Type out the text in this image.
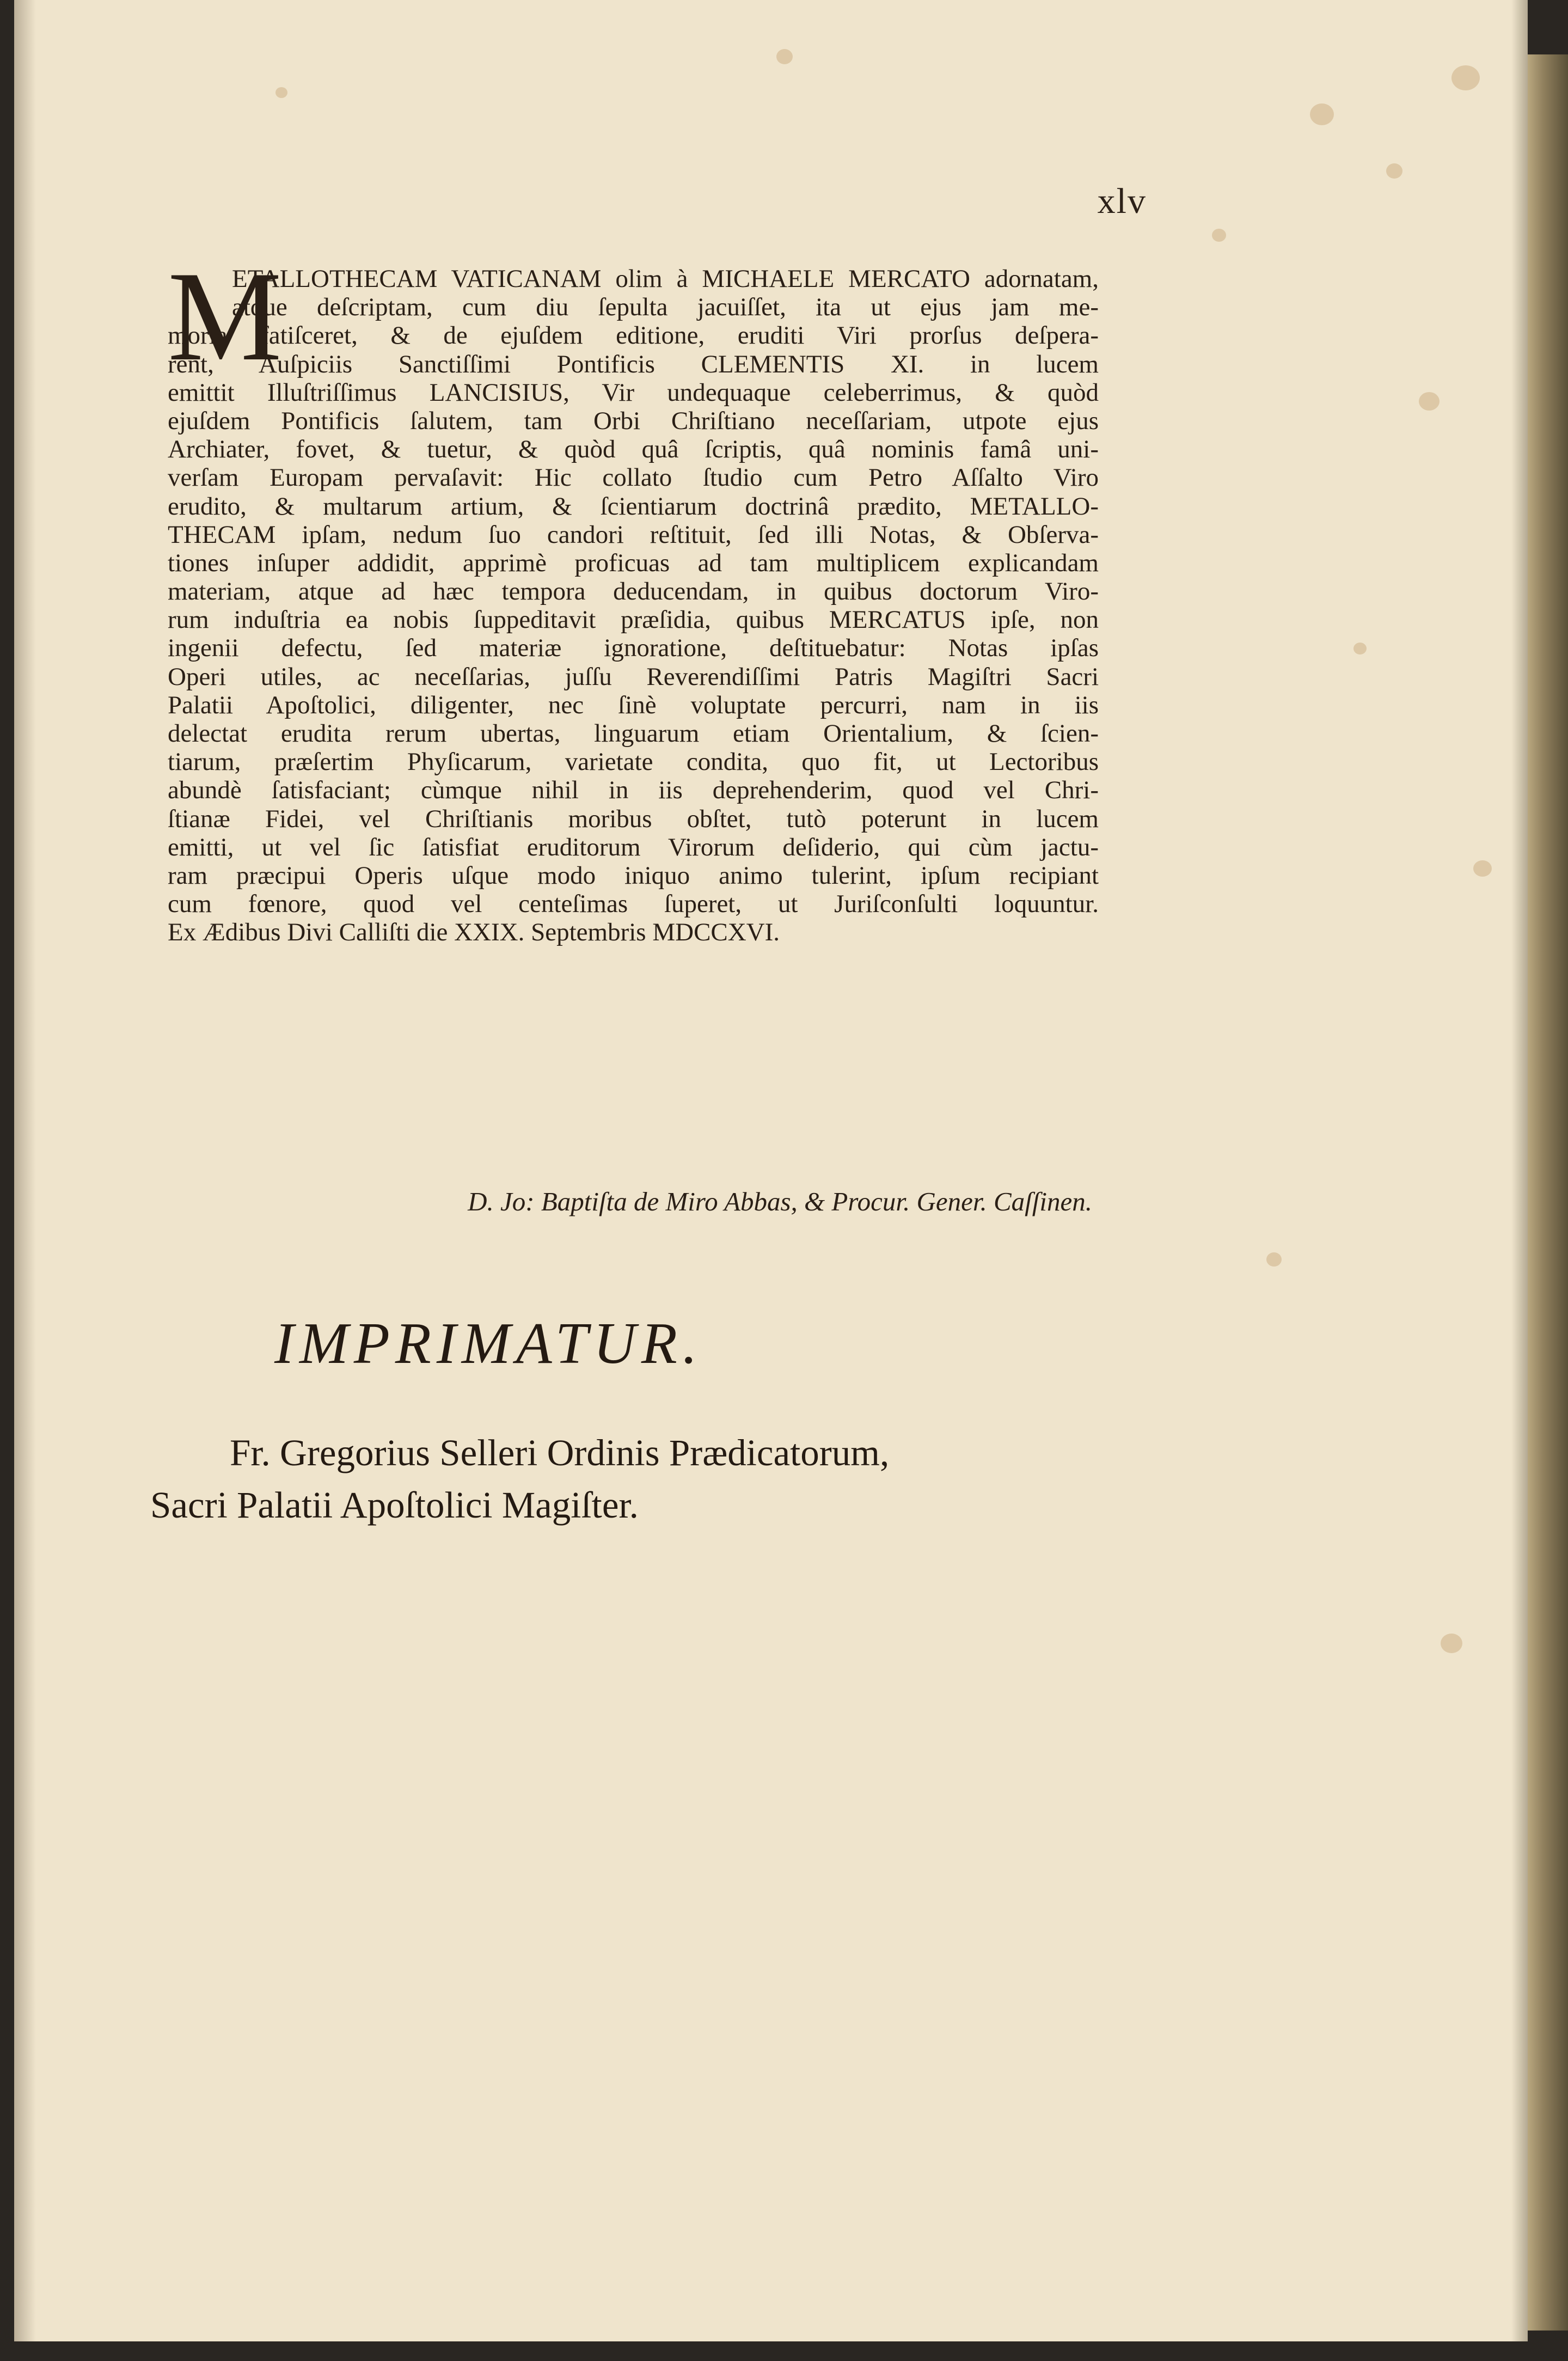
xlv
M
ETALLOTHECAM VATICANAM olim à MICHAELE MERCATO adornatam,
atque deſcriptam, cum diu ſepulta jacuiſſet, ita ut ejus jam me-
moria fatiſceret, & de ejuſdem editione, eruditi Viri prorſus deſpera-
rent, Auſpiciis Sanctiſſimi Pontificis CLEMENTIS XI. in lucem
emittit Illuſtriſſimus LANCISIUS, Vir undequaque celeberrimus, & quòd
ejuſdem Pontificis ſalutem, tam Orbi Chriſtiano neceſſariam, utpote ejus
Archiater, fovet, & tuetur, & quòd quâ ſcriptis, quâ nominis famâ uni-
verſam Europam pervaſavit: Hic collato ſtudio cum Petro Aſſalto Viro
erudito, & multarum artium, & ſcientiarum doctrinâ prædito, METALLO-
THECAM ipſam, nedum ſuo candori reſtituit, ſed illi Notas, & Obſerva-
tiones inſuper addidit, apprimè proficuas ad tam multiplicem explicandam
materiam, atque ad hæc tempora deducendam, in quibus doctorum Viro-
rum induſtria ea nobis ſuppeditavit præſidia, quibus MERCATUS ipſe, non
ingenii defectu, ſed materiæ ignoratione, deſtituebatur: Notas ipſas
Operi utiles, ac neceſſarias, juſſu Reverendiſſimi Patris Magiſtri Sacri
Palatii Apoſtolici, diligenter, nec ſinè voluptate percurri, nam in iis
delectat erudita rerum ubertas, linguarum etiam Orientalium, & ſcien-
tiarum, præſertim Phyſicarum, varietate condita, quo fit, ut Lectoribus
abundè ſatisfaciant; cùmque nihil in iis deprehenderim, quod vel Chri-
ſtianæ Fidei, vel Chriſtianis moribus obſtet, tutò poterunt in lucem
emitti, ut vel ſic ſatisfiat eruditorum Virorum deſiderio, qui cùm jactu-
ram præcipui Operis uſque modo iniquo animo tulerint, ipſum recipiant
cum fœnore, quod vel centeſimas ſuperet, ut Juriſconſulti loquuntur.
Ex Ædibus Divi Calliſti die XXIX. Septembris MDCCXVI.
D. Jo: Baptiſta de Miro Abbas, & Procur. Gener. Caſſinen.
IMPRIMATUR.
Fr. Gregorius Selleri Ordinis Prædicatorum,
Sacri Palatii Apoſtolici Magiſter.
